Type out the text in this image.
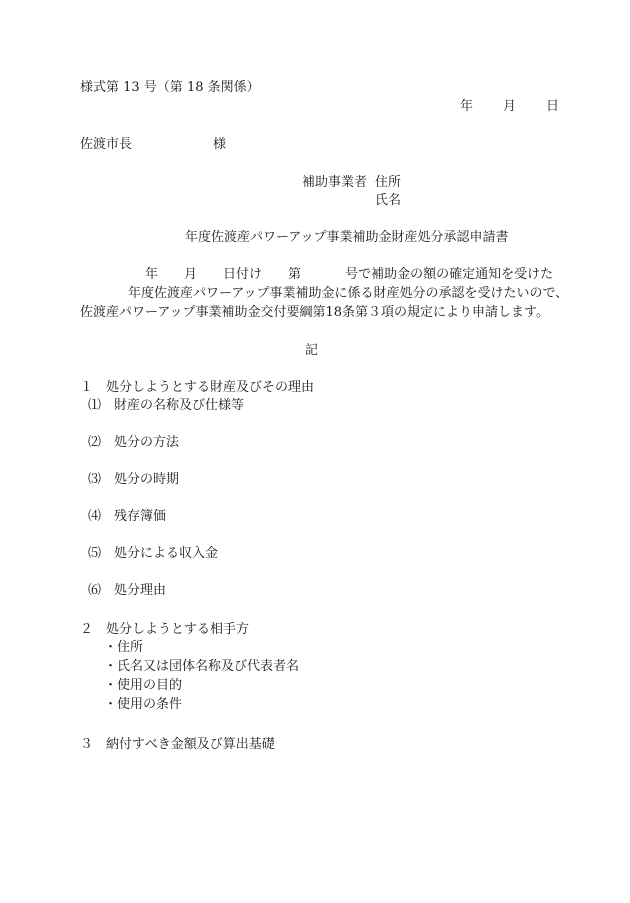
様式第 13 号（第 18 条関係）
年 月 日
佐渡市長	様
補助事業者 住所
氏名
年度佐渡産パワーアップ事業補助金財産処分承認申請書
年 月 日付け 第	号で補助金の額の確定通知を受けた
年度佐渡産パワーアップ事業補助金に係る財産処分の承認を受けたいので、
佐渡産パワーアップ事業補助金交付要綱第18条第３項の規定により申請します。
記
１　処分しようとする財産及びその理由
⑴　財産の名称及び仕様等
⑵　処分の方法
⑶　処分の時期
⑷　残存簿価
⑸　処分による収入金
⑹　処分理由
２　処分しようとする相手方
・住所
・氏名又は団体名称及び代表者名
・使用の目的
・使用の条件
３　納付すべき金額及び算出基礎
